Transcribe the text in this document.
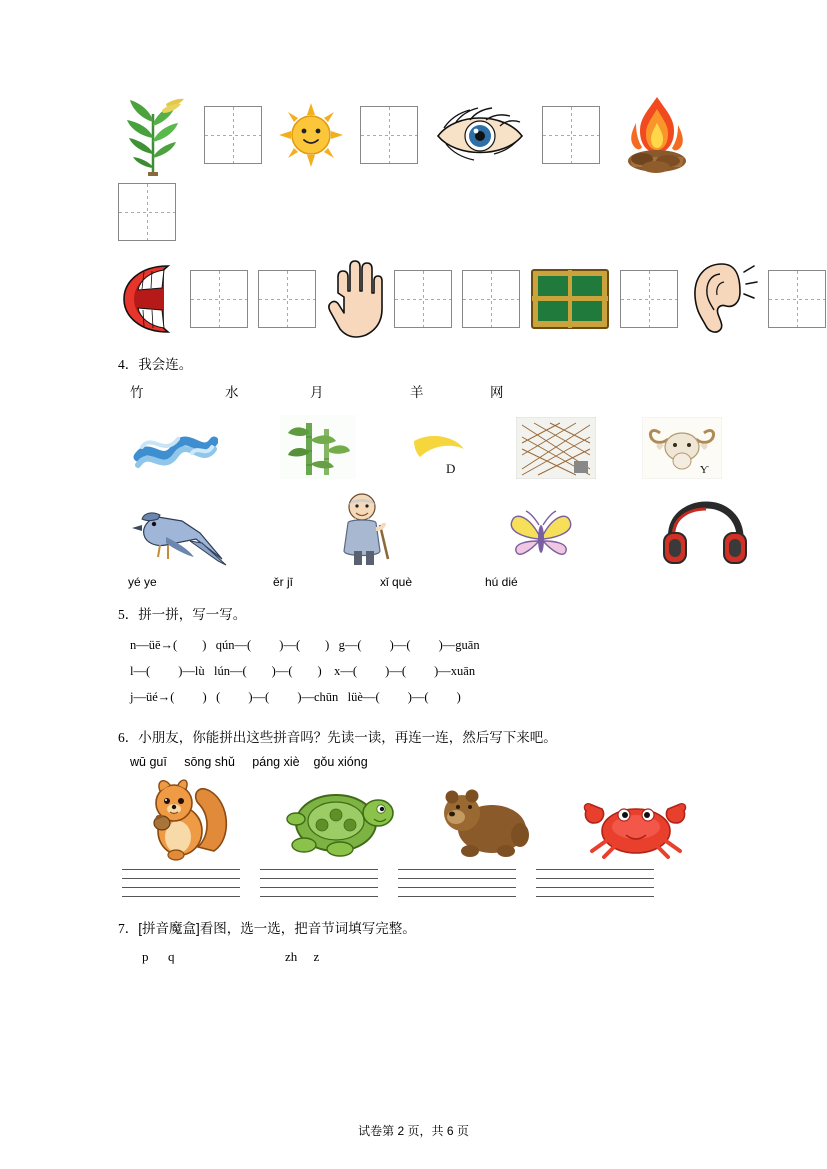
4．我会连。
竹	水	月	羊	网
D	Ƴ
yé ye	ěr jī	xǐ què	hú dié
5．拼一拼，写一写。
n—üē→(        )   qún—(         )—(        )   g—(         )—(         )—guān
l—(         )—lù   lún—(        )—(        )    x—(         )—(         )—xuān
j—üé→(         )   (         )—(         )—chūn   lüè—(         )—(         )
6．小朋友，你能拼出这些拼音吗？先读一读，再连一连，然后写下来吧。
wū guī     sōng shǔ     páng xiè    gǒu xióng
7．[拼音魔盒]看图，选一选，把音节词填写完整。
p      q                                  zh     z
试卷第 2 页，共 6 页
